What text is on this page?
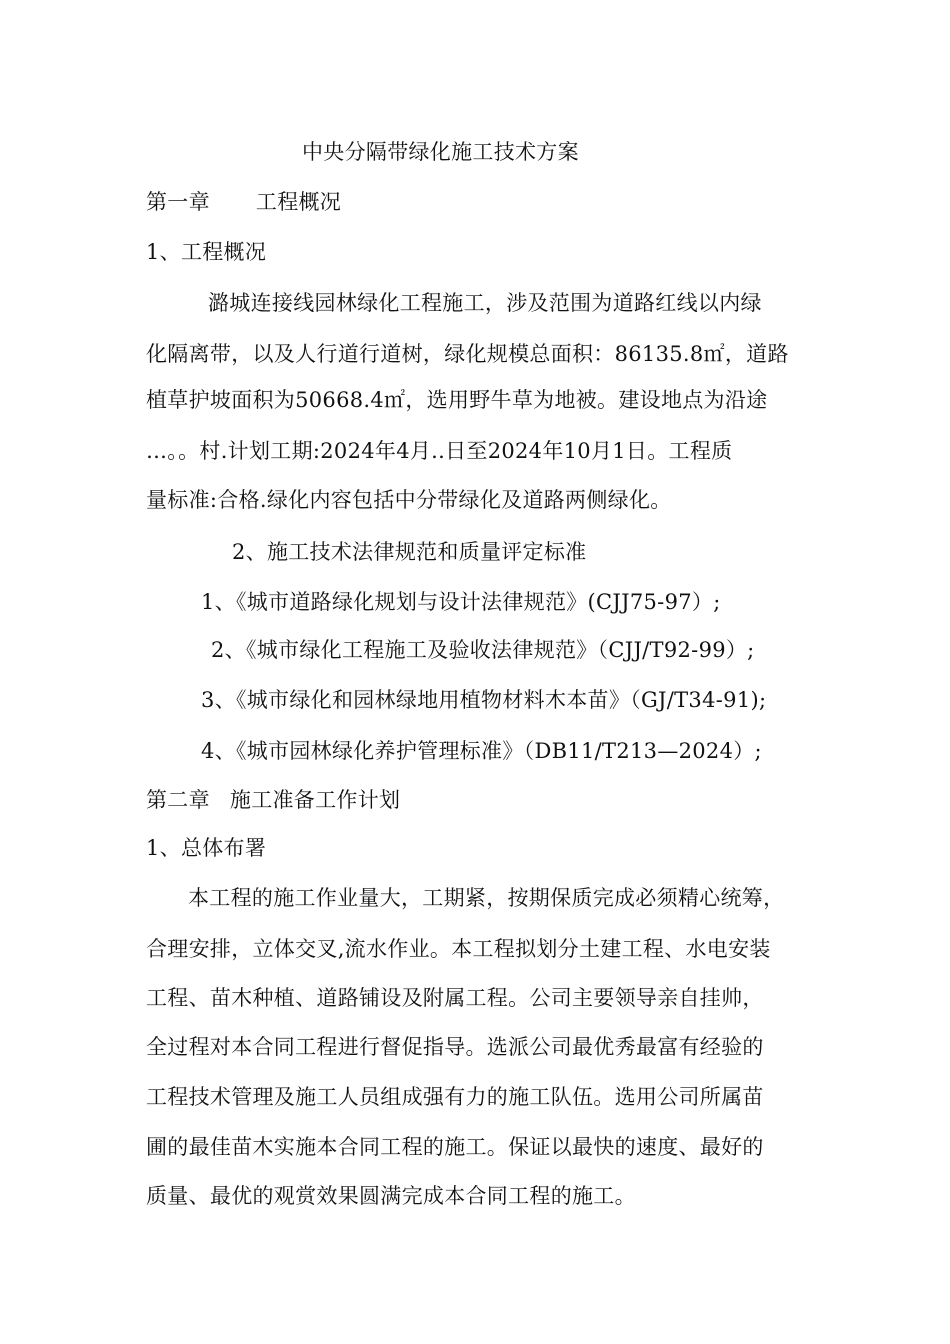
中央分隔带绿化施工技术方案
第一章 工程概况
1、工程概况
潞城连接线园林绿化工程施工，涉及范围为道路红线以内绿
化隔离带，以及人行道行道树，绿化规模总面积：86135.8㎡，道路
植草护坡面积为50668.4㎡，选用野牛草为地被。建设地点为沿途
…。。村.计划工期:2024年4月..日至2024年10月1日。工程质
量标准:合格.绿化内容包括中分带绿化及道路两侧绿化。
2、施工技术法律规范和质量评定标准
1、《城市道路绿化规划与设计法律规范》(CJJ75-97）;
2、《城市绿化工程施工及验收法律规范》（CJJ/T92-99）;
3、《城市绿化和园林绿地用植物材料木本苗》（GJ/T34-91);
4、《城市园林绿化养护管理标准》（DB11/T213—2024）;
第二章 施工准备工作计划
1、总体布署
本工程的施工作业量大，工期紧，按期保质完成必须精心统筹，
合理安排，立体交叉,流水作业。本工程拟划分土建工程、水电安装
工程、苗木种植、道路铺设及附属工程。公司主要领导亲自挂帅，
全过程对本合同工程进行督促指导。选派公司最优秀最富有经验的
工程技术管理及施工人员组成强有力的施工队伍。选用公司所属苗
圃的最佳苗木实施本合同工程的施工。保证以最快的速度、最好的
质量、最优的观赏效果圆满完成本合同工程的施工。
